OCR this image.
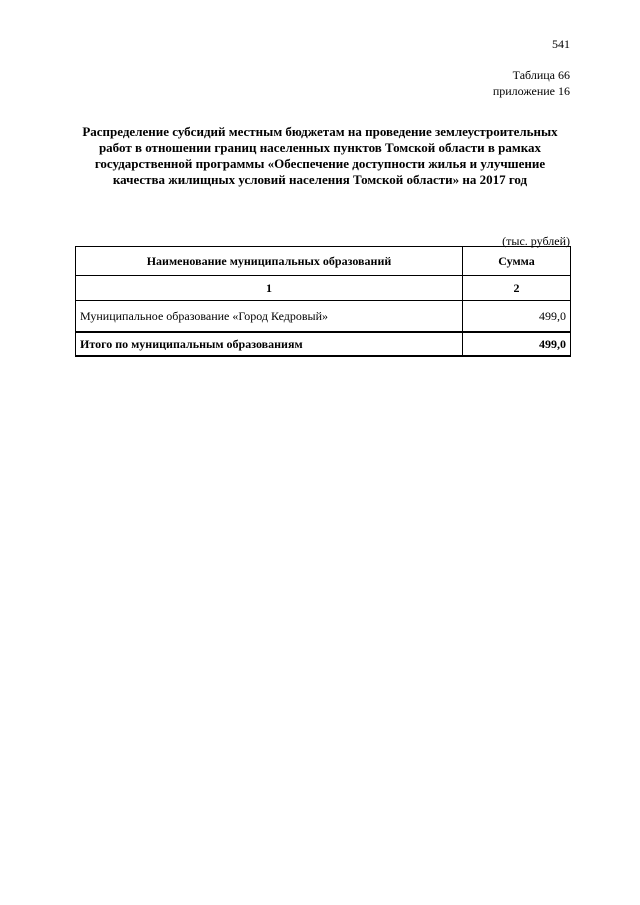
541
Таблица 66
приложение 16
Распределение субсидий местным бюджетам на проведение землеустроительных работ в отношении границ населенных пунктов Томской области в рамках государственной программы «Обеспечение доступности жилья и улучшение качества жилищных условий населения Томской области» на 2017 год
(тыс. рублей)
Наименование муниципальных образований	Сумма
1	2
Муниципальное образование «Город Кедровый»	499,0
Итого по муниципальным образованиям	499,0
